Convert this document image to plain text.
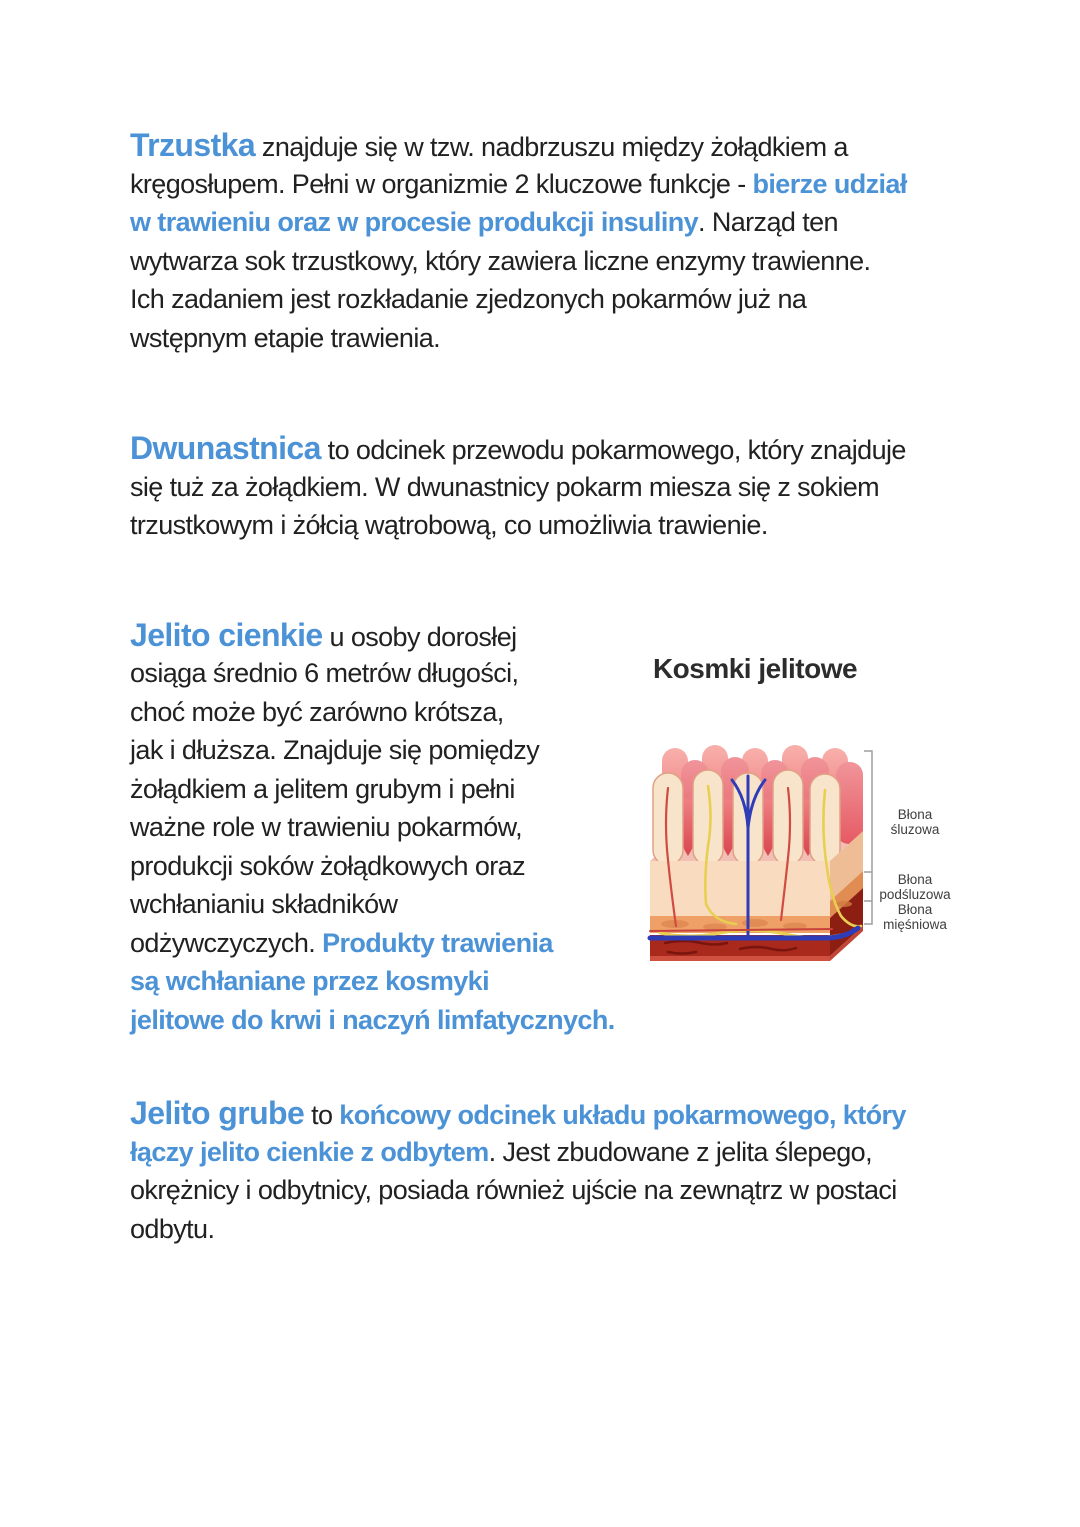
Trzustka znajduje się w tzw. nadbrzuszu między żołądkiem a
kręgosłupem. Pełni w organizmie 2 kluczowe funkcje - bierze udział
w trawieniu oraz w procesie produkcji insuliny. Narząd ten
wytwarza sok trzustkowy, który zawiera liczne enzymy trawienne.
Ich zadaniem jest rozkładanie zjedzonych pokarmów już na
wstępnym etapie trawienia.
Dwunastnica to odcinek przewodu pokarmowego, który znajduje
się tuż za żołądkiem. W dwunastnicy pokarm miesza się z sokiem
trzustkowym i żółcią wątrobową, co umożliwia trawienie.
Jelito cienkie u osoby dorosłej
osiąga średnio 6 metrów długości,
choć może być zarówno krótsza,
jak i dłuższa. Znajduje się pomiędzy
żołądkiem a jelitem grubym i pełni
ważne role w trawieniu pokarmów,
produkcji soków żołądkowych oraz
wchłanianiu składników
odżywczyczych. Produkty trawienia
są wchłaniane przez kosmyki
jelitowe do krwi i naczyń limfatycznych.
Kosmki jelitowe
Błona
śluzowa
Błona
podśluzowa
Błona
mięśniowa
Jelito grube to końcowy odcinek układu pokarmowego, który
łączy jelito cienkie z odbytem. Jest zbudowane z jelita ślepego,
okrężnicy i odbytnicy, posiada również ujście na zewnątrz w postaci
odbytu.
